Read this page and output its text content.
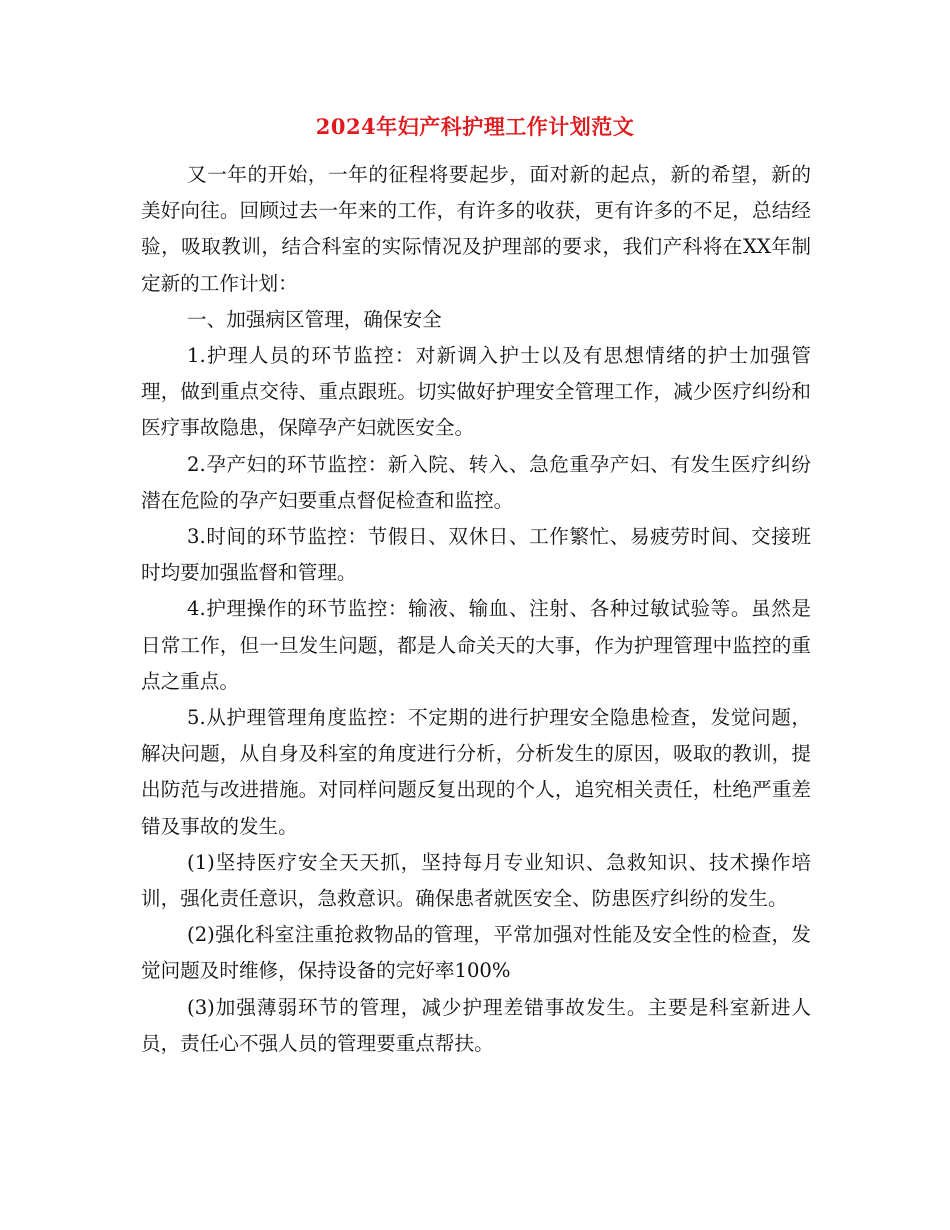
2024年妇产科护理工作计划范文

又一年的开始，一年的征程将要起步，面对新的起点，新的希望，新的美好向往。回顾过去一年来的工作，有许多的收获，更有许多的不足，总结经验，吸取教训，结合科室的实际情况及护理部的要求，我们产科将在XX年制定新的工作计划：

一、加强病区管理，确保安全

1.护理人员的环节监控：对新调入护士以及有思想情绪的护士加强管理，做到重点交待、重点跟班。切实做好护理安全管理工作，减少医疗纠纷和医疗事故隐患，保障孕产妇就医安全。

2.孕产妇的环节监控：新入院、转入、急危重孕产妇、有发生医疗纠纷潜在危险的孕产妇要重点督促检查和监控。

3.时间的环节监控：节假日、双休日、工作繁忙、易疲劳时间、交接班时均要加强监督和管理。

4.护理操作的环节监控：输液、输血、注射、各种过敏试验等。虽然是日常工作，但一旦发生问题，都是人命关天的大事，作为护理管理中监控的重点之重点。

5.从护理管理角度监控：不定期的进行护理安全隐患检查，发觉问题，解决问题，从自身及科室的角度进行分析，分析发生的原因，吸取的教训，提出防范与改进措施。对同样问题反复出现的个人，追究相关责任，杜绝严重差错及事故的发生。

(1)坚持医疗安全天天抓，坚持每月专业知识、急救知识、技术操作培训，强化责任意识，急救意识。确保患者就医安全、防患医疗纠纷的发生。

(2)强化科室注重抢救物品的管理，平常加强对性能及安全性的检查，发觉问题及时维修，保持设备的完好率100%

(3)加强薄弱环节的管理，减少护理差错事故发生。主要是科室新进人员，责任心不强人员的管理要重点帮扶。
